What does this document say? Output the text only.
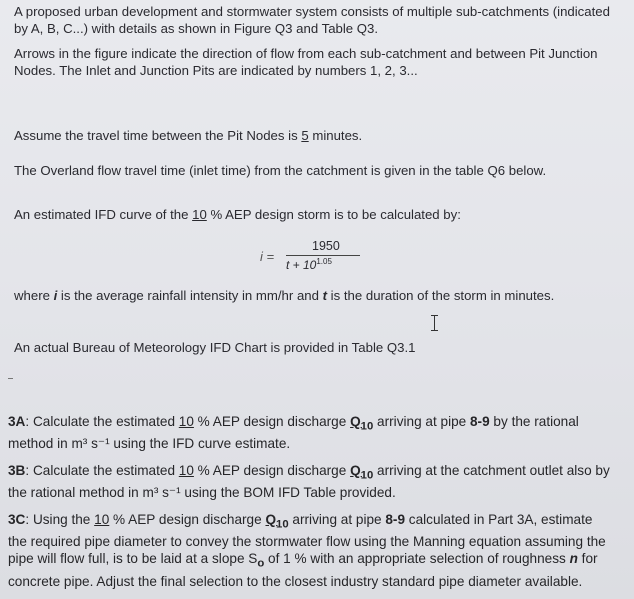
A proposed urban development and stormwater system consists of multiple sub-catchments (indicated by A, B, C...) with details as shown in Figure Q3 and Table Q3.

Arrows in the figure indicate the direction of flow from each sub-catchment and between Pit Junction Nodes. The Inlet and Junction Pits are indicated by numbers 1, 2, 3...

Assume the travel time between the Pit Nodes is 5 minutes.

The Overland flow travel time (inlet time) from the catchment is given in the table Q6 below.

An estimated IFD curve of the 10 % AEP design storm is to be calculated by:

i =
1950
$t + 10^{1.05}$

where i is the average rainfall intensity in mm/hr and t is the duration of the storm in minutes.

An actual Bureau of Meteorology IFD Chart is provided in Table Q3.1

3A: Calculate the estimated 10 % AEP design discharge $Q_{10}$ arriving at pipe 8-9 by the rational method in m³ s⁻¹ using the IFD curve estimate.

3B: Calculate the estimated 10 % AEP design discharge $Q_{10}$ arriving at the catchment outlet also by the rational method in m³ s⁻¹ using the BOM IFD Table provided.

3C: Using the 10 % AEP design discharge $Q_{10}$ arriving at pipe 8-9 calculated in Part 3A, estimate the required pipe diameter to convey the stormwater flow using the Manning equation assuming the pipe will flow full, is to be laid at a slope $S_o$ of 1 % with an appropriate selection of roughness n for concrete pipe. Adjust the final selection to the closest industry standard pipe diameter available.
